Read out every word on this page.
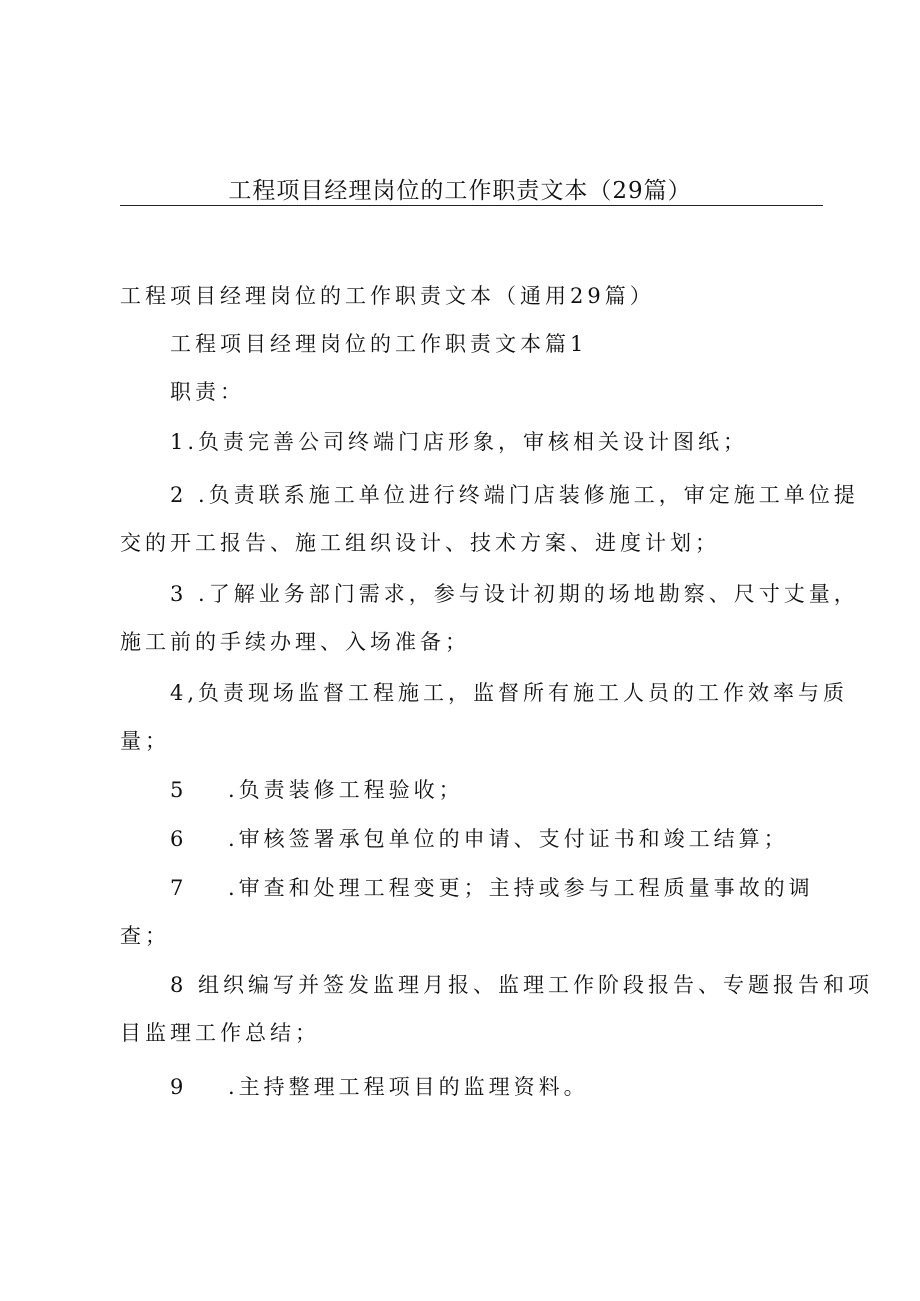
工程项目经理岗位的工作职责文本（29篇）
工程项目经理岗位的工作职责文本（通用29篇）
工程项目经理岗位的工作职责文本篇1
职责：
1.负责完善公司终端门店形象，审核相关设计图纸；
2 .负责联系施工单位进行终端门店装修施工，审定施工单位提
交的开工报告、施工组织设计、技术方案、进度计划；
3 .了解业务部门需求，参与设计初期的场地勘察、尺寸丈量，
施工前的手续办理、入场准备；
4,负责现场监督工程施工，监督所有施工人员的工作效率与质
量；
5 .负责装修工程验收；
6 .审核签署承包单位的申请、支付证书和竣工结算；
7 .审查和处理工程变更；主持或参与工程质量事故的调
查；
8 组织编写并签发监理月报、监理工作阶段报告、专题报告和项
目监理工作总结；
9 .主持整理工程项目的监理资料。
